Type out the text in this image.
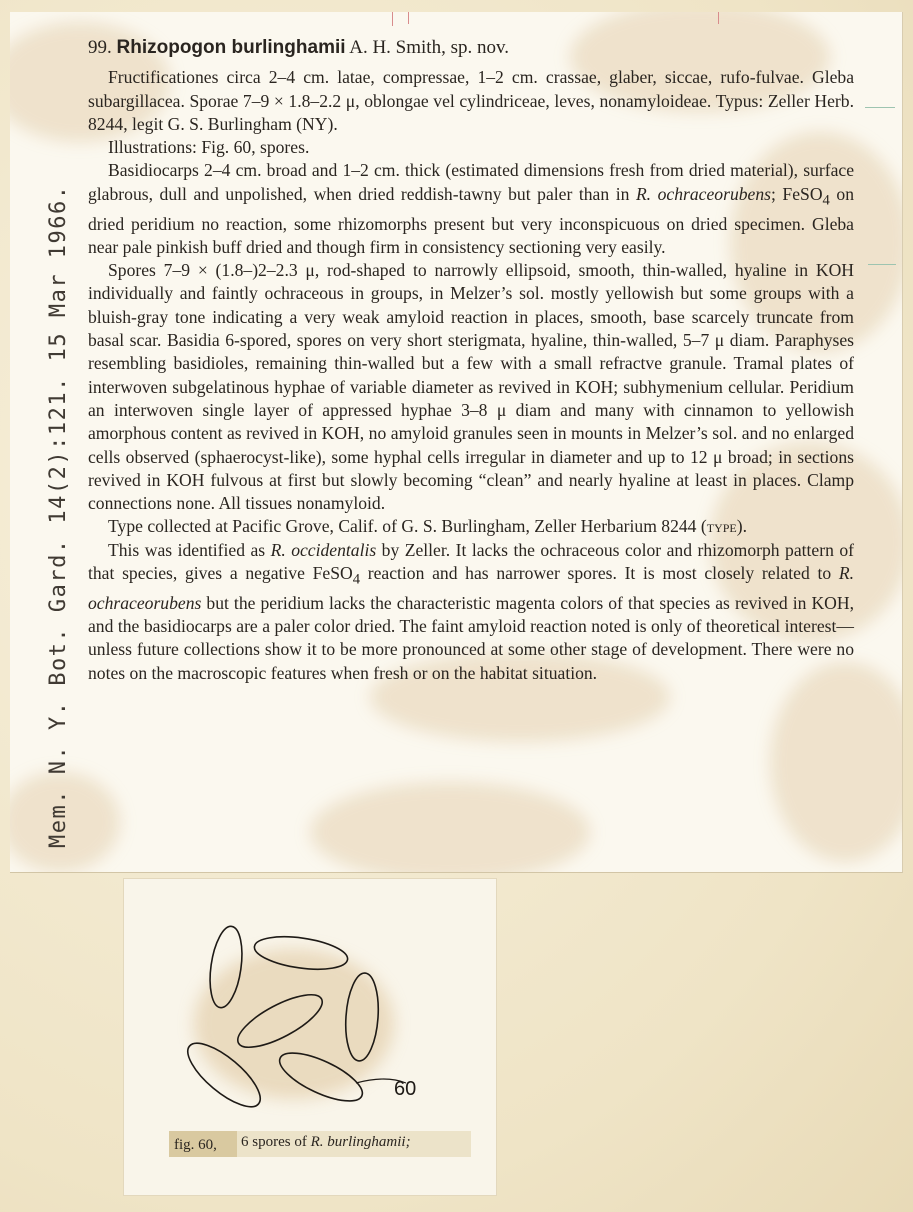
99. Rhizopogon burlinghamii A. H. Smith, sp. nov.

Fructificationes circa 2–4 cm. latae, compressae, 1–2 cm. crassae, glaber, siccae, rufo-fulvae. Gleba subargillacea. Sporae 7–9 × 1.8–2.2 μ, oblongae vel cylindriceae, leves, nonamyloideae. Typus: Zeller Herb. 8244, legit G. S. Burlingham (NY).

Illustrations: Fig. 60, spores.

Basidiocarps 2–4 cm. broad and 1–2 cm. thick (estimated dimensions fresh from dried material), surface glabrous, dull and unpolished, when dried reddish-tawny but paler than in R. ochraceorubens; FeSO$_4$ on dried peridium no reaction, some rhizomorphs present but very inconspicuous on dried specimen. Gleba near pale pinkish buff dried and though firm in consistency sectioning very easily.

Spores 7–9 × (1.8–)2–2.3 μ, rod-shaped to narrowly ellipsoid, smooth, thin-walled, hyaline in KOH individually and faintly ochraceous in groups, in Melzer’s sol. mostly yellowish but some groups with a bluish-gray tone indicating a very weak amyloid reaction in places, smooth, base scarcely truncate from basal scar. Basidia 6-spored, spores on very short sterigmata, hyaline, thin-walled, 5–7 μ diam. Paraphyses resembling basidioles, remaining thin-walled but a few with a small refractve granule. Tramal plates of interwoven subgelatinous hyphae of variable diameter as revived in KOH; subhymenium cellular. Peridium an interwoven single layer of appressed hyphae 3–8 μ diam and many with cinnamon to yellowish amorphous content as revived in KOH, no amyloid granules seen in mounts in Melzer’s sol. and no enlarged cells observed (sphaerocyst-like), some hyphal cells irregular in diameter and up to 12 μ broad; in sections revived in KOH fulvous at first but slowly becoming “clean” and nearly hyaline at least in places. Clamp connections none. All tissues nonamyloid.

Type collected at Pacific Grove, Calif. of G. S. Burlingham, Zeller Herbarium 8244 (type).

This was identified as R. occidentalis by Zeller. It lacks the ochraceous color and rhizomorph pattern of that species, gives a negative FeSO$_4$ reaction and has narrower spores. It is most closely related to R. ochraceorubens but the peridium lacks the characteristic magenta colors of that species as revived in KOH, and the basidiocarps are a paler color dried. The faint amyloid reaction noted is only of theoretical interest—unless future collections show it to be more pronounced at some other stage of development. There were no notes on the macroscopic features when fresh or on the habitat situation.

Mem. N. Y. Bot. Gard. 14(2):121. 15 Mar 1966.
60
fig. 60,	6 spores of R. burlinghamii;
